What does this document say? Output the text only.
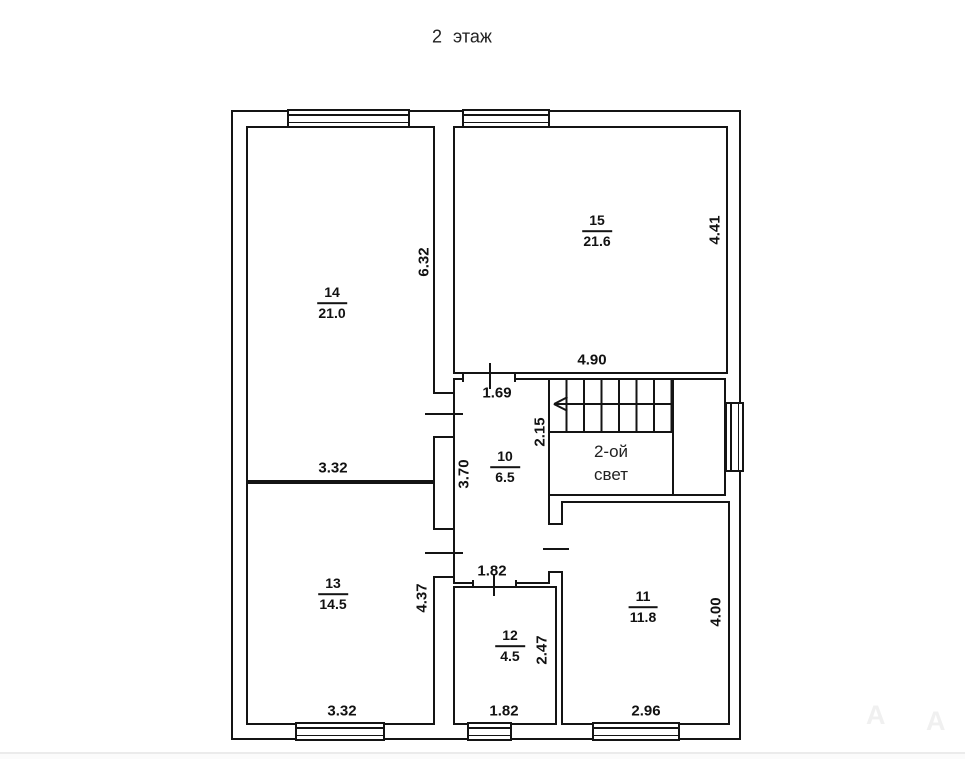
2 этаж
2-ой
свет
$\frac{14}{21.0}$
$\frac{15}{21.6}$
$\frac{10}{6.5}$
$\frac{13}{14.5}$
$\frac{12}{4.5}$
$\frac{11}{11.8}$
6.32
3.32
4.41
4.90
1.69
2.15
3.70
4.37
3.32
1.82
2.47
1.82	2.96
4.00
A A
